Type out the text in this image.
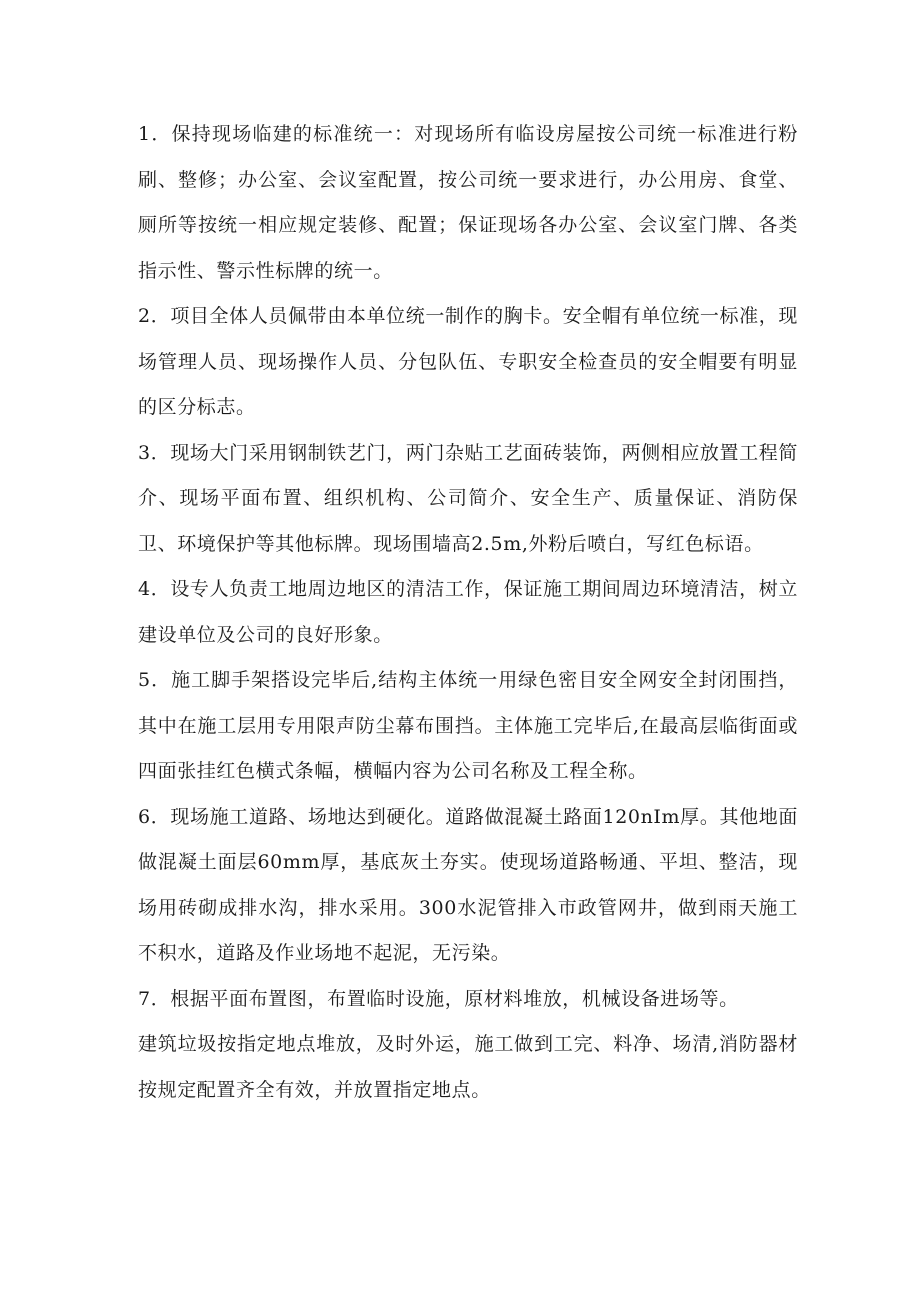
1．保持现场临建的标准统一：对现场所有临设房屋按公司统一标准进行粉刷、整修；办公室、会议室配置，按公司统一要求进行，办公用房、食堂、厕所等按统一相应规定装修、配置；保证现场各办公室、会议室门牌、各类指示性、警示性标牌的统一。

2．项目全体人员佩带由本单位统一制作的胸卡。安全帽有单位统一标准，现场管理人员、现场操作人员、分包队伍、专职安全检查员的安全帽要有明显的区分标志。

3．现场大门采用钢制铁艺门，两门杂贴工艺面砖装饰，两侧相应放置工程简介、现场平面布置、组织机构、公司简介、安全生产、质量保证、消防保卫、环境保护等其他标牌。现场围墙高2.5m,外粉后喷白，写红色标语。

4．设专人负责工地周边地区的清洁工作，保证施工期间周边环境清洁，树立建设单位及公司的良好形象。

5．施工脚手架搭设完毕后,结构主体统一用绿色密目安全网安全封闭围挡，其中在施工层用专用限声防尘幕布围挡。主体施工完毕后,在最高层临街面或四面张挂红色横式条幅，横幅内容为公司名称及工程全称。

6．现场施工道路、场地达到硬化。道路做混凝土路面120nIm厚。其他地面做混凝土面层60mm厚，基底灰土夯实。使现场道路畅通、平坦、整洁，现场用砖砌成排水沟，排水采用。300水泥管排入市政管网井，做到雨天施工不积水，道路及作业场地不起泥，无污染。

7．根据平面布置图，布置临时设施，原材料堆放，机械设备进场等。

建筑垃圾按指定地点堆放，及时外运，施工做到工完、料净、场清,消防器材按规定配置齐全有效，并放置指定地点。
